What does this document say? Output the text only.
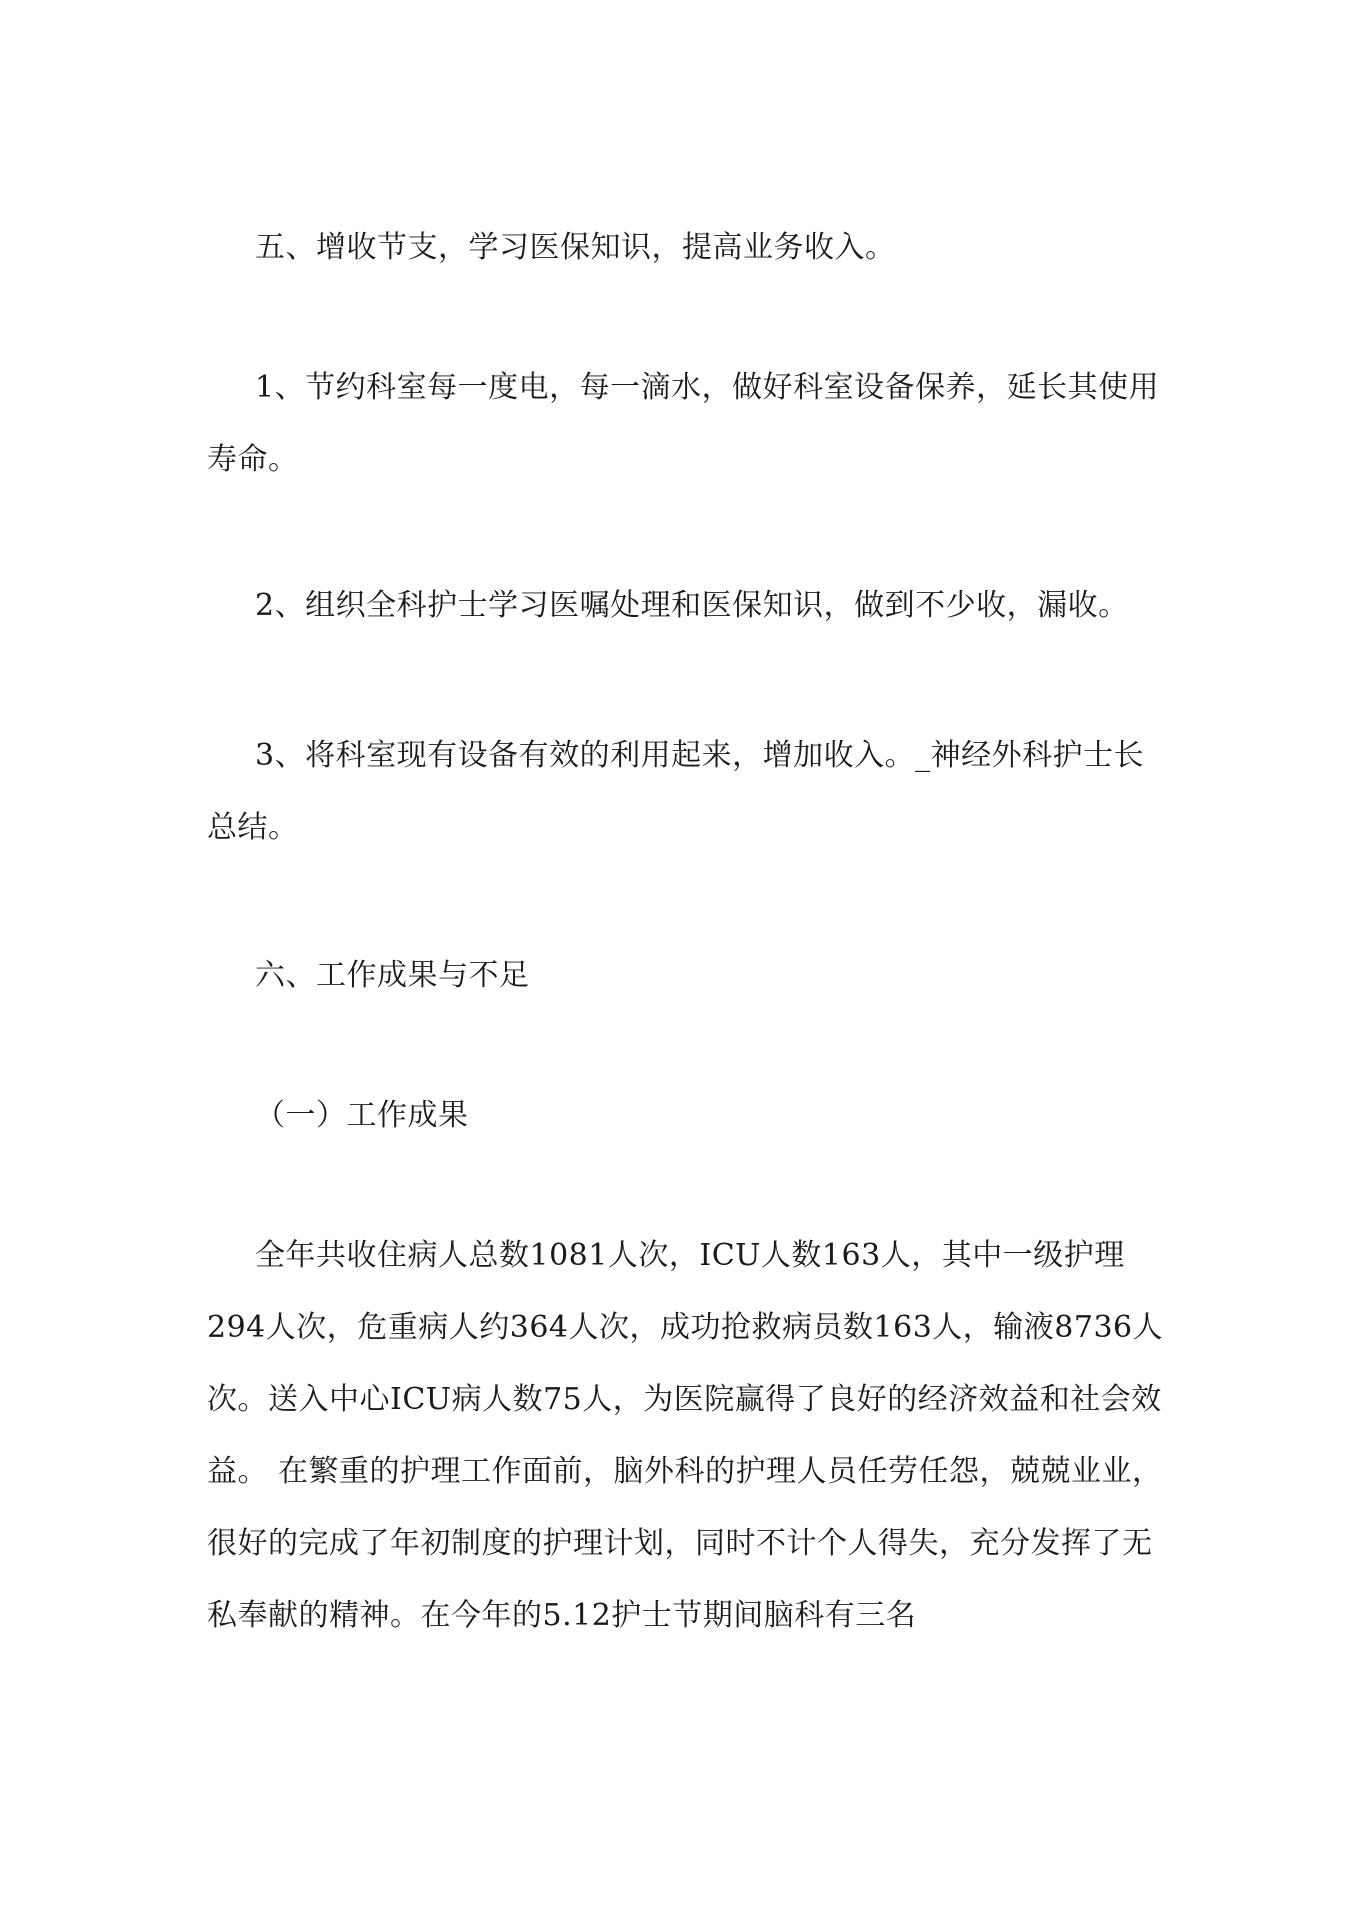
五、增收节支，学习医保知识，提高业务收入。

1、节约科室每一度电，每一滴水，做好科室设备保养，延长其使用寿命。

2、组织全科护士学习医嘱处理和医保知识，做到不少收，漏收。

3、将科室现有设备有效的利用起来，增加收入。_神经外科护士长总结。

六、工作成果与不足

（一）工作成果

全年共收住病人总数1081人次，ICU人数163人，其中一级护理294人次，危重病人约364人次，成功抢救病员数163人，输液8736人次。送入中心ICU病人数75人，为医院赢得了良好的经济效益和社会效益。 在繁重的护理工作面前，脑外科的护理人员任劳任怨，兢兢业业，很好的完成了年初制度的护理计划，同时不计个人得失，充分发挥了无私奉献的精神。在今年的5.12护士节期间脑科有三名
